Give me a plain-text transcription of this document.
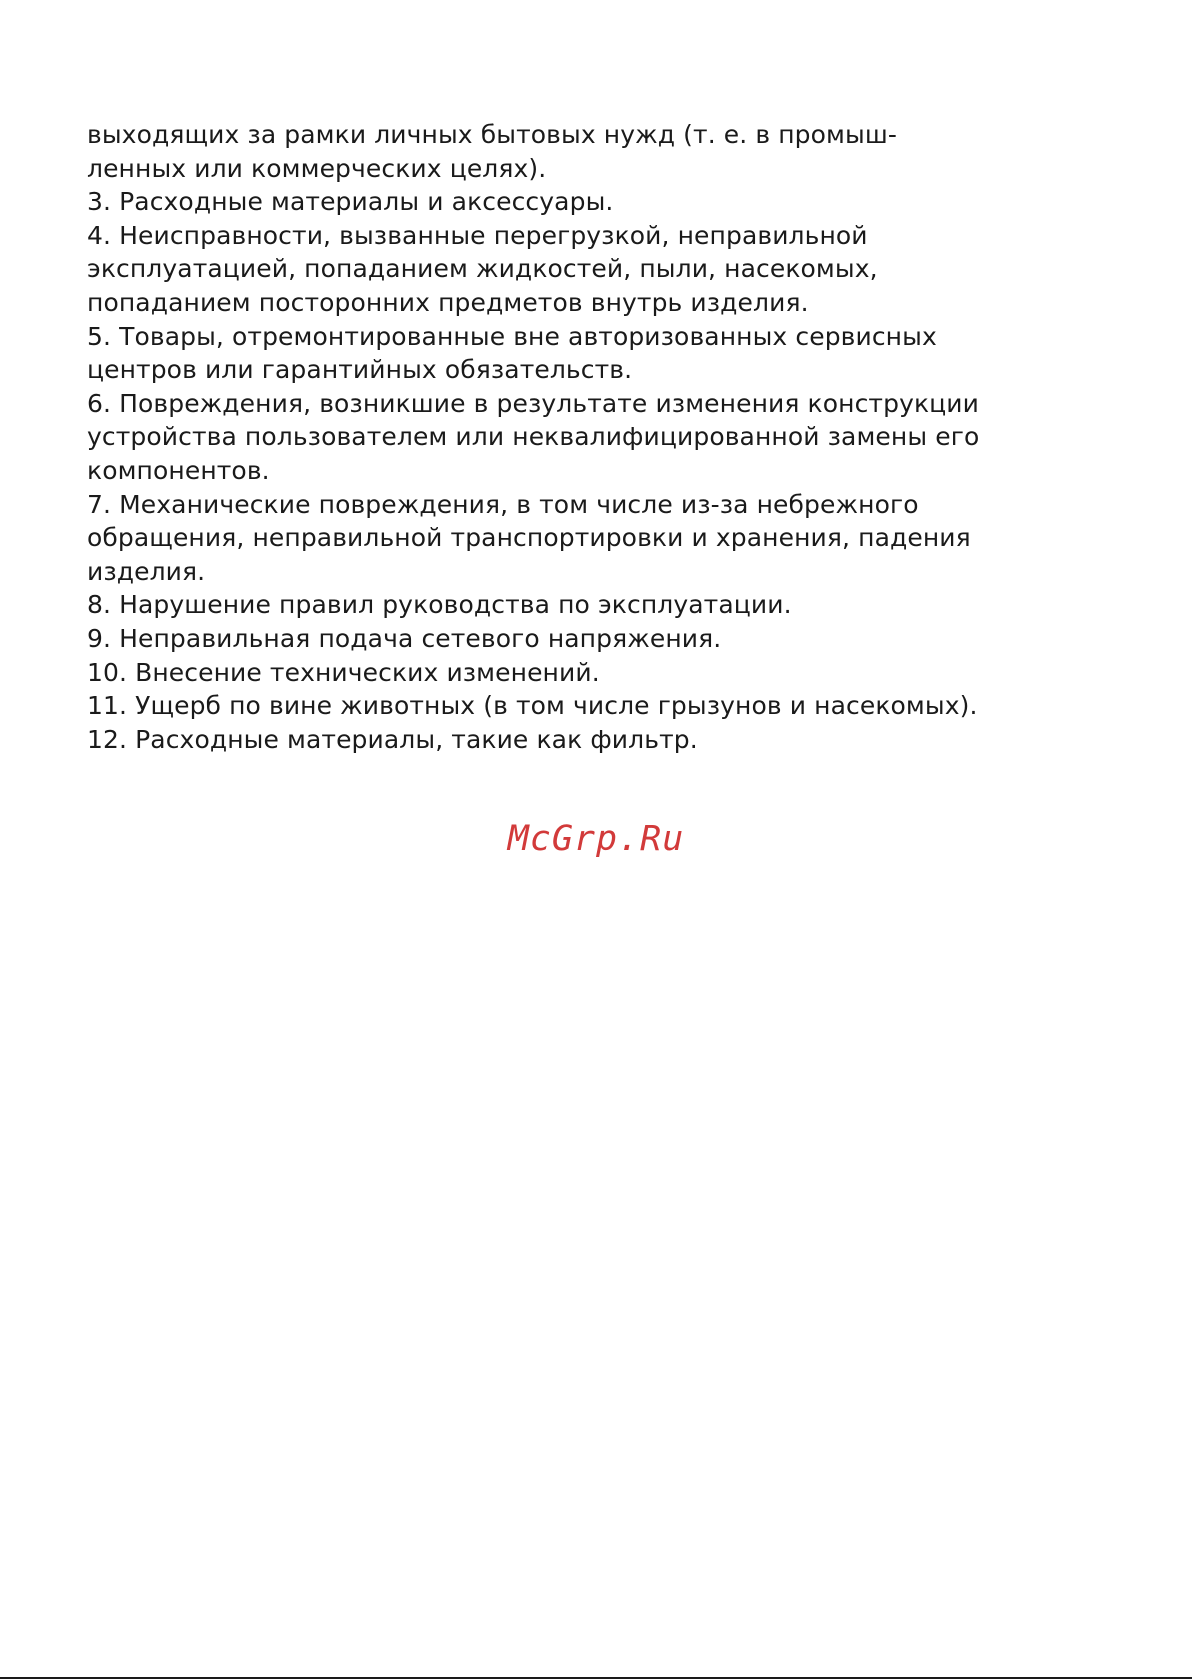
выходящих за рамки личных бытовых нужд (т. е. в промыш-
ленных или коммерческих целях).
3. Расходные материалы и аксессуары.
4. Неисправности, вызванные перегрузкой, неправильной
эксплуатацией, попаданием жидкостей, пыли, насекомых,
попаданием посторонних предметов внутрь изделия.
5. Товары, отремонтированные вне авторизованных сервисных
центров или гарантийных обязательств.
6. Повреждения, возникшие в результате изменения конструкции
устройства пользователем или неквалифицированной замены его
компонентов.
7. Механические повреждения, в том числе из-за небрежного
обращения, неправильной транспортировки и хранения, падения
изделия.
8. Нарушение правил руководства по эксплуатации.
9. Неправильная подача сетевого напряжения.
10. Внесение технических изменений.
11. Ущерб по вине животных (в том числе грызунов и насекомых).
12. Расходные материалы, такие как фильтр.
McGrp.Ru
